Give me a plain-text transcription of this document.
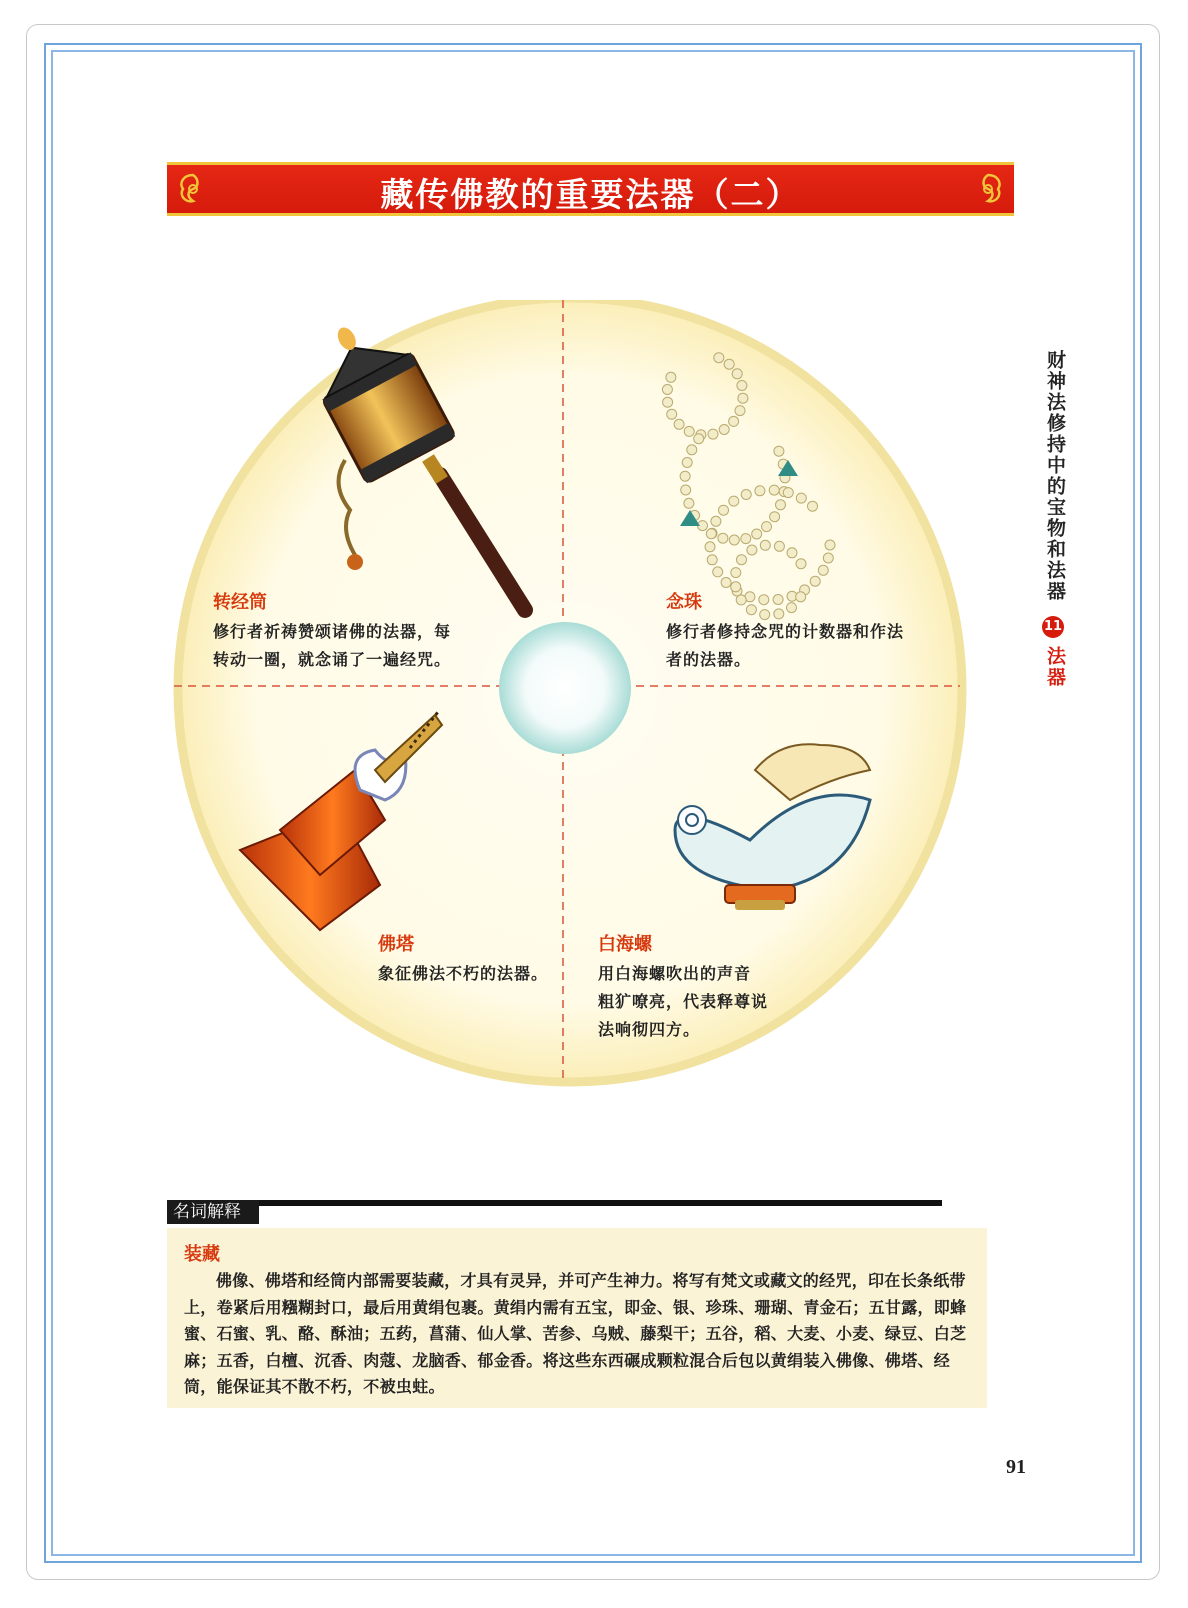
藏传佛教的重要法器（二）
财神法修持中的宝物和法器
11
法器
转经筒
修行者祈祷赞颂诸佛的法器，每
转动一圈，就念诵了一遍经咒。
念珠
修行者修持念咒的计数器和作法
者的法器。
佛塔
象征佛法不朽的法器。
白海螺
用白海螺吹出的声音
粗犷嘹亮，代表释尊说
法响彻四方。
名词解释
装藏
佛像、佛塔和经筒内部需要装藏，才具有灵异，并可产生神力。将写有梵文或藏文的经咒，印在长条纸带上，卷紧后用糨糊封口，最后用黄绢包裹。黄绢内需有五宝，即金、银、珍珠、珊瑚、青金石；五甘露，即蜂蜜、石蜜、乳、酪、酥油；五药，菖蒲、仙人掌、苦参、乌贼、藤梨干；五谷，稻、大麦、小麦、绿豆、白芝麻；五香，白檀、沉香、肉蔻、龙脑香、郁金香。将这些东西碾成颗粒混合后包以黄绢装入佛像、佛塔、经筒，能保证其不散不朽，不被虫蛀。
91
